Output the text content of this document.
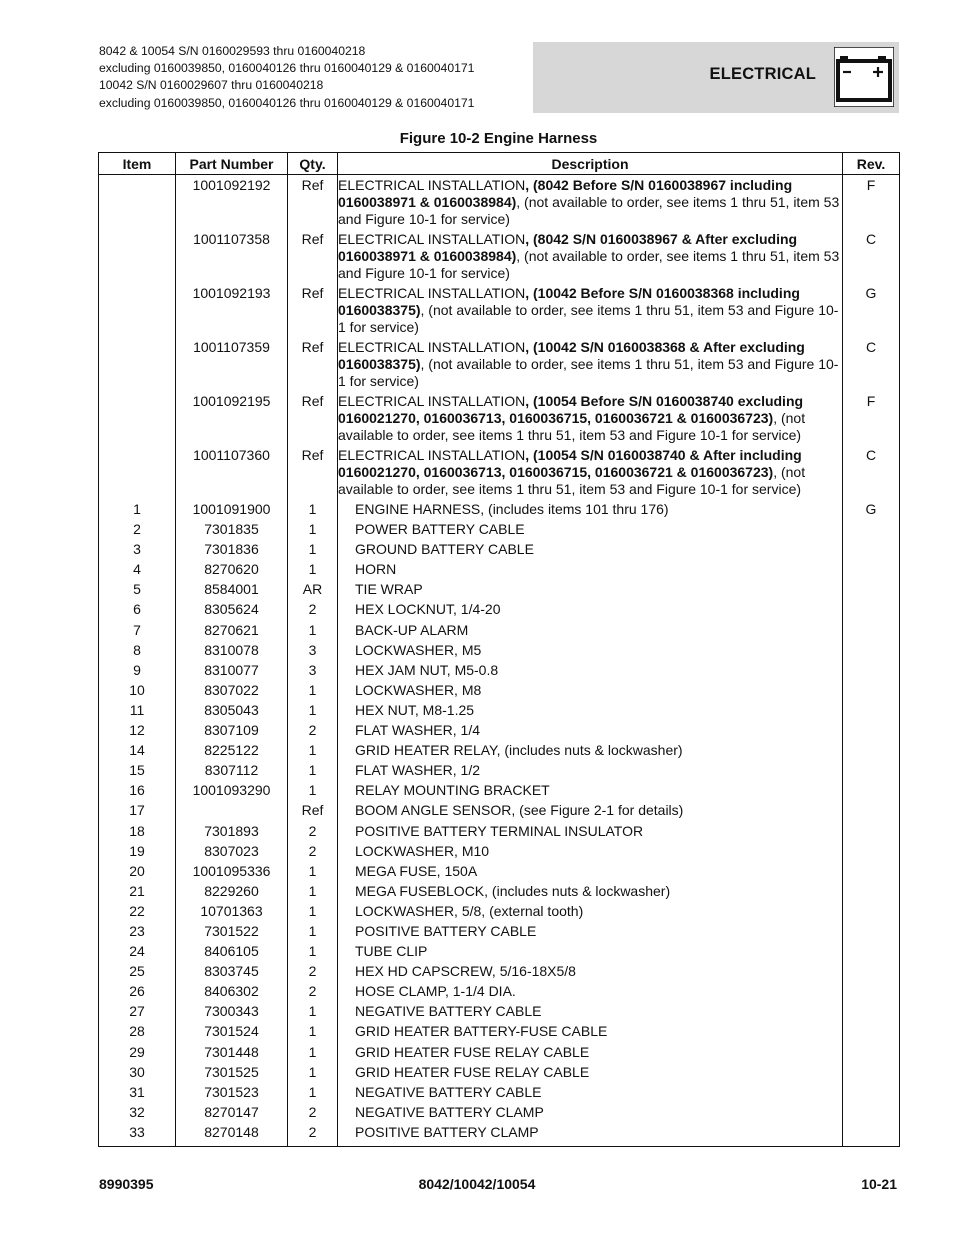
8042 & 10054 S/N 0160029593 thru 0160040218
excluding 0160039850, 0160040126 thru 0160040129 & 0160040171
10042 S/N 0160029607 thru 0160040218
excluding 0160039850, 0160040126 thru 0160040129 & 0160040171
ELECTRICAL
Figure 10-2 Engine Harness
Item	Part Number	Qty.	Description	Rev.
	1001092192	Ref	ELECTRICAL INSTALLATION, (8042 Before S/N 0160038967 including 0160038971 & 0160038984), (not available to order, see items 1 thru 51, item 53 and Figure 10-1 for service)	F
	1001107358	Ref	ELECTRICAL INSTALLATION, (8042 S/N 0160038967 & After excluding 0160038971 & 0160038984), (not available to order, see items 1 thru 51, item 53 and Figure 10-1 for service)	C
	1001092193	Ref	ELECTRICAL INSTALLATION, (10042 Before S/N 0160038368 including 0160038375), (not available to order, see items 1 thru 51, item 53 and Figure 10-1 for service)	G
	1001107359	Ref	ELECTRICAL INSTALLATION, (10042 S/N 0160038368 & After excluding 0160038375), (not available to order, see items 1 thru 51, item 53 and Figure 10-1 for service)	C
	1001092195	Ref	ELECTRICAL INSTALLATION, (10054 Before S/N 0160038740 excluding 0160021270, 0160036713, 0160036715, 0160036721 & 0160036723), (not available to order, see items 1 thru 51, item 53 and Figure 10-1 for service)	F
	1001107360	Ref	ELECTRICAL INSTALLATION, (10054 S/N 0160038740 & After including 0160021270, 0160036713, 0160036715, 0160036721 & 0160036723), (not available to order, see items 1 thru 51, item 53 and Figure 10-1 for service)	C
1	1001091900	1	ENGINE HARNESS, (includes items 101 thru 176)	G
2	7301835	1	POWER BATTERY CABLE	
3	7301836	1	GROUND BATTERY CABLE	
4	8270620	1	HORN	
5	8584001	AR	TIE WRAP	
6	8305624	2	HEX LOCKNUT, 1/4-20	
7	8270621	1	BACK-UP ALARM	
8	8310078	3	LOCKWASHER, M5	
9	8310077	3	HEX JAM NUT, M5-0.8	
10	8307022	1	LOCKWASHER, M8	
11	8305043	1	HEX NUT, M8-1.25	
12	8307109	2	FLAT WASHER, 1/4	
14	8225122	1	GRID HEATER RELAY, (includes nuts & lockwasher)	
15	8307112	1	FLAT WASHER, 1/2	
16	1001093290	1	RELAY MOUNTING BRACKET	
17		Ref	BOOM ANGLE SENSOR, (see Figure 2-1 for details)	
18	7301893	2	POSITIVE BATTERY TERMINAL INSULATOR	
19	8307023	2	LOCKWASHER, M10	
20	1001095336	1	MEGA FUSE, 150A	
21	8229260	1	MEGA FUSEBLOCK, (includes nuts & lockwasher)	
22	10701363	1	LOCKWASHER, 5/8, (external tooth)	
23	7301522	1	POSITIVE BATTERY CABLE	
24	8406105	1	TUBE CLIP	
25	8303745	2	HEX HD CAPSCREW, 5/16-18X5/8	
26	8406302	2	HOSE CLAMP, 1-1/4 DIA.	
27	7300343	1	NEGATIVE BATTERY CABLE	
28	7301524	1	GRID HEATER BATTERY-FUSE CABLE	
29	7301448	1	GRID HEATER FUSE RELAY CABLE	
30	7301525	1	GRID HEATER FUSE RELAY CABLE	
31	7301523	1	NEGATIVE BATTERY CABLE	
32	8270147	2	NEGATIVE BATTERY CLAMP	
33	8270148	2	POSITIVE BATTERY CLAMP	
8990395	8042/10042/10054	10-21
